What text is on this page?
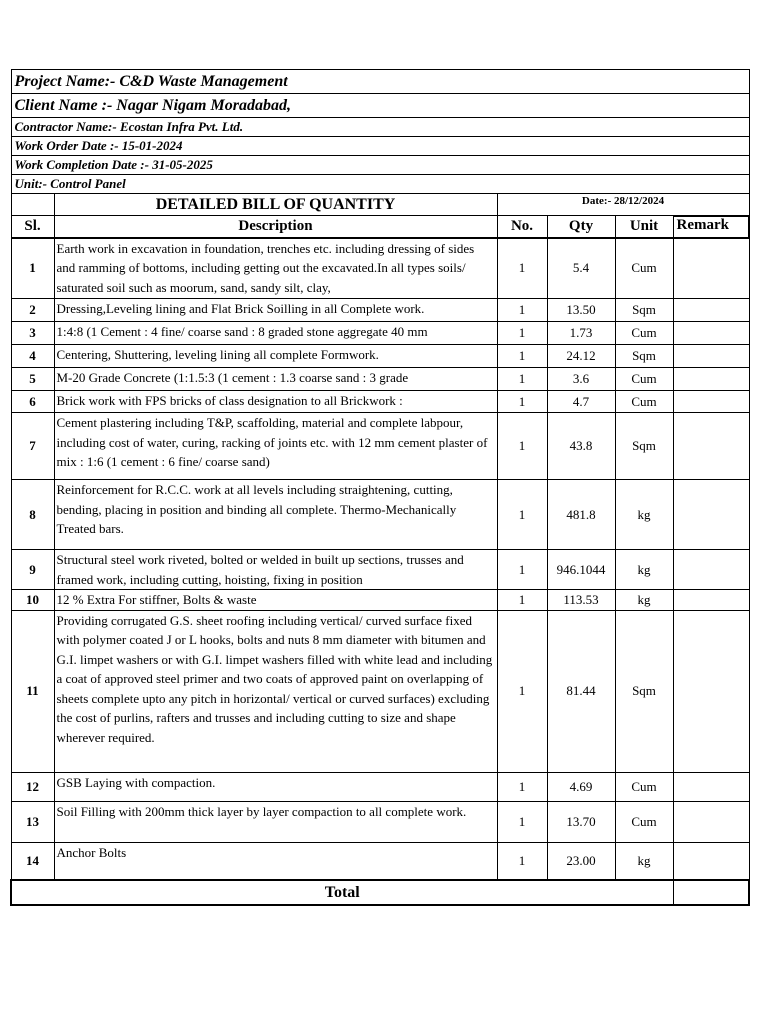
Project Name:- C&D Waste Management					
Client Name :- Nagar Nigam Moradabad,					
Contractor Name:- Ecostan Infra Pvt. Ltd.					
Work Order Date :- 15-01-2024					
Work Completion Date :- 31-05-2025					
Unit:- Control Panel					
	DETAILED BILL OF QUANTITY	Date:- 28/12/2024			
Sl.	Description	No.	Qty	Unit	Remark
1	Earth work in excavation in foundation, trenches etc. including dressing of sides and ramming of bottoms, including getting out the excavated.In all types soils/ saturated soil such as moorum, sand, sandy silt, clay,	1	5.4	Cum	
2	Dressing,Leveling lining and Flat Brick Soilling in all Complete work.	1	13.50	Sqm	
3	1:4:8 (1 Cement : 4 fine/ coarse sand : 8 graded stone aggregate 40 mm	1	1.73	Cum	
4	Centering, Shuttering, leveling lining all complete Formwork.	1	24.12	Sqm	
5	M-20 Grade Concrete (1:1.5:3 (1 cement : 1.3 coarse sand : 3 grade	1	3.6	Cum	
6	Brick work with FPS bricks of class designation to all Brickwork :	1	4.7	Cum	
7	Cement plastering including T&P, scaffolding, material and complete labpour, including cost of water, curing, racking of joints etc. with 12 mm cement plaster of mix : 1:6 (1 cement : 6 fine/ coarse sand)	1	43.8	Sqm	
8	Reinforcement for R.C.C. work at all levels including straightening, cutting, bending, placing in position and binding all complete. Thermo-Mechanically Treated bars.	1	481.8	kg	
9	Structural steel work riveted, bolted or welded in built up sections, trusses and framed work, including cutting, hoisting, fixing in position	1	946.1044	kg	
10	12 % Extra For stiffner, Bolts & waste	1	113.53	kg	
11	Providing corrugated G.S. sheet roofing including vertical/ curved surface fixed with polymer coated J or L hooks, bolts and nuts 8 mm diameter with bitumen and G.I. limpet washers or with G.I. limpet washers filled with white lead and including a coat of approved steel primer and two coats of approved paint on overlapping of sheets complete upto any pitch in horizontal/ vertical or curved surfaces) excluding the cost of purlins, rafters and trusses and including cutting to size and shape wherever required.	1	81.44	Sqm	
12	GSB Laying with compaction.	1	4.69	Cum	
13	Soil Filling with 200mm thick layer by layer compaction to all complete work.	1	13.70	Cum	
14	Anchor Bolts	1	23.00	kg	
Total					
